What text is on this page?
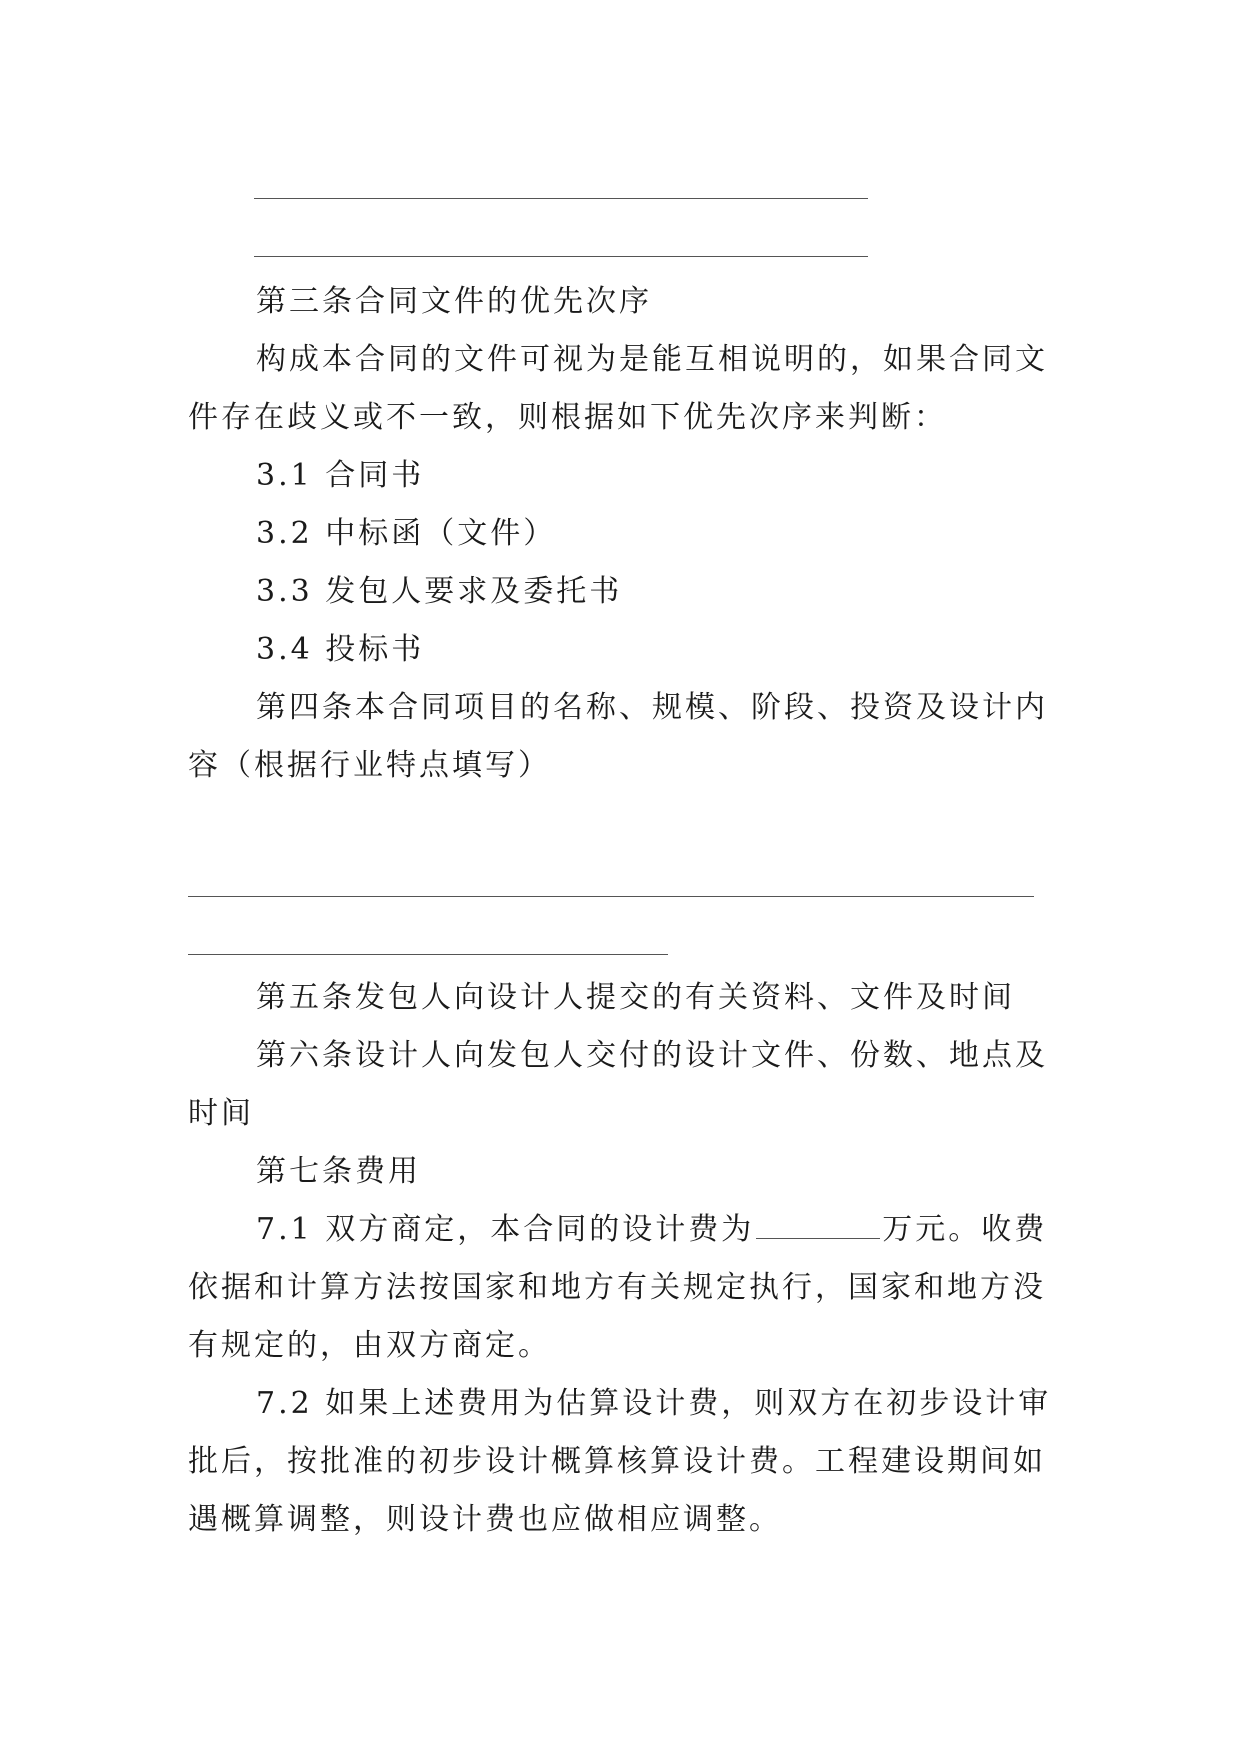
第三条合同文件的优先次序
构成本合同的文件可视为是能互相说明的，如果合同文
件存在歧义或不一致，则根据如下优先次序来判断：
3.1 合同书
3.2 中标函（文件）
3.3 发包人要求及委托书
3.4 投标书
第四条本合同项目的名称、规模、阶段、投资及设计内
容（根据行业特点填写）
第五条发包人向设计人提交的有关资料、文件及时间
第六条设计人向发包人交付的设计文件、份数、地点及
时间
第七条费用
7.1 双方商定，本合同的设计费为	万元。收费
依据和计算方法按国家和地方有关规定执行，国家和地方没
有规定的，由双方商定。
7.2 如果上述费用为估算设计费，则双方在初步设计审
批后，按批准的初步设计概算核算设计费。工程建设期间如
遇概算调整，则设计费也应做相应调整。
